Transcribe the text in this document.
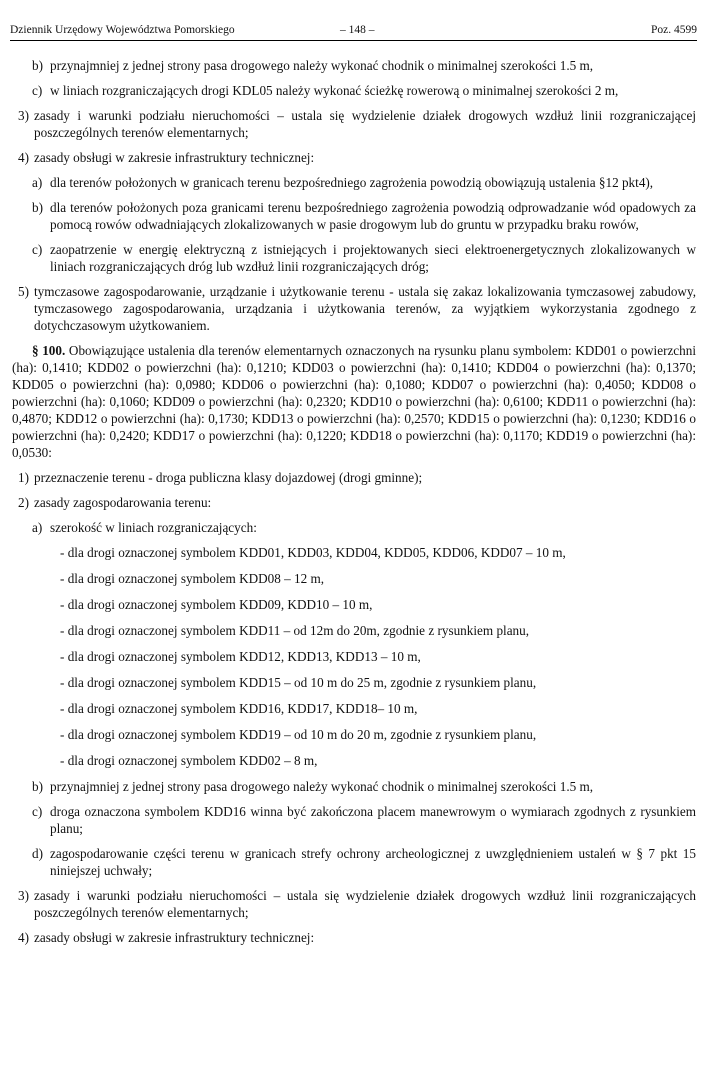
Dziennik Urzędowy Województwa Pomorskiego	– 148 –	Poz. 4599
b) przynajmniej z jednej strony pasa drogowego należy wykonać chodnik o minimalnej szerokości 1.5 m,
c) w liniach rozgraniczających drogi KDL05 należy wykonać ścieżkę rowerową o minimalnej szerokości 2 m,
3) zasady i warunki podziału nieruchomości – ustala się wydzielenie działek drogowych wzdłuż linii rozgraniczającej poszczególnych terenów elementarnych;
4) zasady obsługi w zakresie infrastruktury technicznej:
a) dla terenów położonych w granicach terenu bezpośredniego zagrożenia powodzią obowiązują ustalenia §12 pkt4),
b) dla terenów położonych poza granicami terenu bezpośredniego zagrożenia powodzią odprowadzanie wód opadowych za pomocą rowów odwadniających zlokalizowanych w pasie drogowym lub do gruntu w przypadku braku rowów,
c) zaopatrzenie w energię elektryczną z istniejących i projektowanych sieci elektroenergetycznych zlokalizowanych w liniach rozgraniczających dróg lub wzdłuż linii rozgraniczających dróg;
5) tymczasowe zagospodarowanie, urządzanie i użytkowanie terenu - ustala się zakaz lokalizowania tymczasowej zabudowy, tymczasowego zagospodarowania, urządzania i użytkowania terenów, za wyjątkiem wykorzystania zgodnego z dotychczasowym użytkowaniem.
§ 100. Obowiązujące ustalenia dla terenów elementarnych oznaczonych na rysunku planu symbolem: KDD01 o powierzchni (ha): 0,1410; KDD02 o powierzchni (ha): 0,1210; KDD03 o powierzchni (ha): 0,1410; KDD04 o powierzchni (ha): 0,1370; KDD05 o powierzchni (ha): 0,0980; KDD06 o powierzchni (ha): 0,1080; KDD07 o powierzchni (ha): 0,4050; KDD08 o powierzchni (ha): 0,1060; KDD09 o powierzchni (ha): 0,2320; KDD10 o powierzchni (ha): 0,6100; KDD11 o powierzchni (ha): 0,4870; KDD12 o powierzchni (ha): 0,1730; KDD13 o powierzchni (ha): 0,2570; KDD15 o powierzchni (ha): 0,1230; KDD16 o powierzchni (ha): 0,2420; KDD17 o powierzchni (ha): 0,1220; KDD18 o powierzchni (ha): 0,1170; KDD19 o powierzchni (ha): 0,0530:
1) przeznaczenie terenu - droga publiczna klasy dojazdowej (drogi gminne);
2) zasady zagospodarowania terenu:
a) szerokość w liniach rozgraniczających:
- dla drogi oznaczonej symbolem KDD01, KDD03, KDD04, KDD05, KDD06, KDD07 – 10 m,
- dla drogi oznaczonej symbolem KDD08 – 12 m,
- dla drogi oznaczonej symbolem KDD09, KDD10 – 10 m,
- dla drogi oznaczonej symbolem KDD11 – od 12m do 20m, zgodnie z rysunkiem planu,
- dla drogi oznaczonej symbolem KDD12, KDD13, KDD13 – 10 m,
- dla drogi oznaczonej symbolem KDD15 – od 10 m do 25 m, zgodnie z rysunkiem planu,
- dla drogi oznaczonej symbolem KDD16, KDD17, KDD18– 10 m,
- dla drogi oznaczonej symbolem KDD19 – od 10 m do 20 m, zgodnie z rysunkiem planu,
- dla drogi oznaczonej symbolem KDD02 – 8 m,
b) przynajmniej z jednej strony pasa drogowego należy wykonać chodnik o minimalnej szerokości 1.5 m,
c) droga oznaczona symbolem KDD16 winna być zakończona placem manewrowym o wymiarach zgodnych z rysunkiem planu;
d) zagospodarowanie części terenu w granicach strefy ochrony archeologicznej z uwzględnieniem ustaleń w § 7 pkt 15 niniejszej uchwały;
3) zasady i warunki podziału nieruchomości – ustala się wydzielenie działek drogowych wzdłuż linii rozgraniczających poszczególnych terenów elementarnych;
4) zasady obsługi w zakresie infrastruktury technicznej:
